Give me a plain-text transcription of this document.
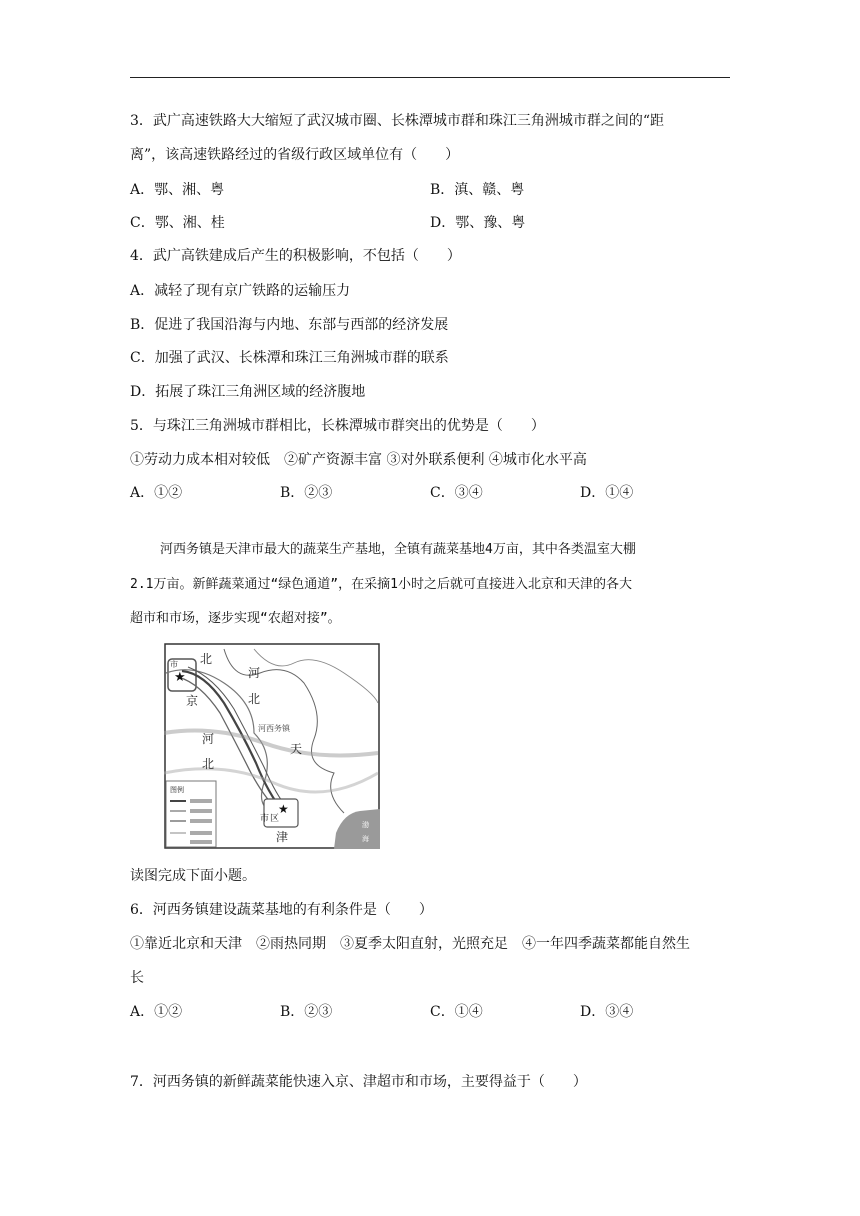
3．武广高速铁路大大缩短了武汉城市圈、长株潭城市群和珠江三角洲城市群之间的“距
离”，该高速铁路经过的省级行政区域单位有（　　）
A．鄂、湘、粤	B．滇、赣、粤
C．鄂、湘、桂	D．鄂、豫、粤
4．武广高铁建成后产生的积极影响，不包括（　　）
A．减轻了现有京广铁路的运输压力
B．促进了我国沿海与内地、东部与西部的经济发展
C．加强了武汉、长株潭和珠江三角洲城市群的联系
D．拓展了珠江三角洲区域的经济腹地
5．与珠江三角洲城市群相比，长株潭城市群突出的优势是（　　）
①劳动力成本相对较低　②矿产资源丰富 ③对外联系便利 ④城市化水平高
A．①②	B．②③	C．③④	D．①④
河西务镇是天津市最大的蔬菜生产基地，全镇有蔬菜基地4万亩，其中各类温室大棚
2.1万亩。新鲜蔬菜通过“绿色通道”，在采摘1小时之后就可直接进入北京和天津的各大
超市和市场，逐步实现“农超对接”。
★
★
市 北
京
河
北
河
北
天
津
市 区
河西务镇
渤
海
图例
读图完成下面小题。
6．河西务镇建设蔬菜基地的有利条件是（　　）
①靠近北京和天津　②雨热同期　③夏季太阳直射，光照充足　④一年四季蔬菜都能自然生
长
A．①②	B．②③	C．①④	D．③④
7．河西务镇的新鲜蔬菜能快速入京、津超市和市场，主要得益于（　　）
